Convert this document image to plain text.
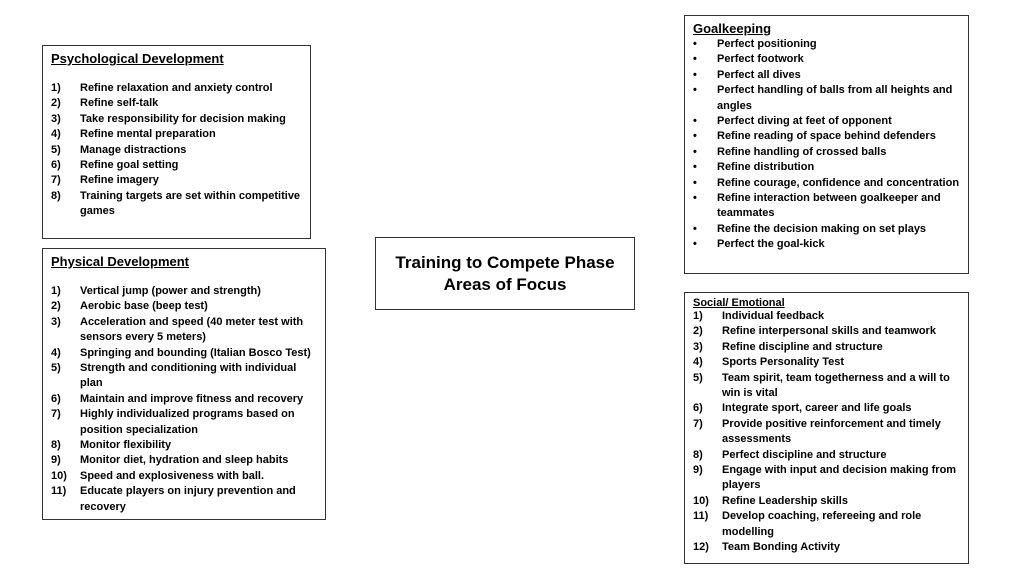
Psychological Development
1)	Refine relaxation and anxiety control
2)	Refine self-talk
3)	Take responsibility for decision making
4)	Refine mental preparation
5)	Manage distractions
6)	Refine goal setting
7)	Refine imagery
8)	Training targets are set within competitive games
Physical Development
1)	Vertical jump (power and strength)
2)	Aerobic base (beep test)
3)	Acceleration and speed (40 meter test with sensors every 5 meters)
4)	Springing and bounding (Italian Bosco Test)
5)	Strength and conditioning with individual plan
6)	Maintain and improve fitness and recovery
7)	Highly individualized programs based on position specialization
8)	Monitor flexibility
9)	Monitor diet, hydration and sleep habits
10)	Speed and explosiveness with ball.
11)	Educate players on injury prevention and recovery
Training to Compete Phase
Areas of Focus
Goalkeeping
•	Perfect positioning
•	Perfect footwork
•	Perfect all dives
•	Perfect handling of balls from all heights and angles
•	Perfect diving at feet of opponent
•	Refine reading of space behind defenders
•	Refine handling of crossed balls
•	Refine distribution
•	Refine courage, confidence and concentration
•	Refine interaction between goalkeeper and teammates
•	Refine the decision making on set plays
•	Perfect the goal-kick
Social/ Emotional
1)	Individual feedback
2)	Refine interpersonal skills and teamwork
3)	Refine discipline and structure
4)	Sports Personality Test
5)	Team spirit, team togetherness and a will to win is vital
6)	Integrate sport, career and life goals
7)	Provide positive reinforcement and timely assessments
8)	Perfect discipline and structure
9)	Engage with input and decision making from players
10)	Refine Leadership skills
11)	Develop coaching, refereeing and role modelling
12)	Team Bonding Activity
